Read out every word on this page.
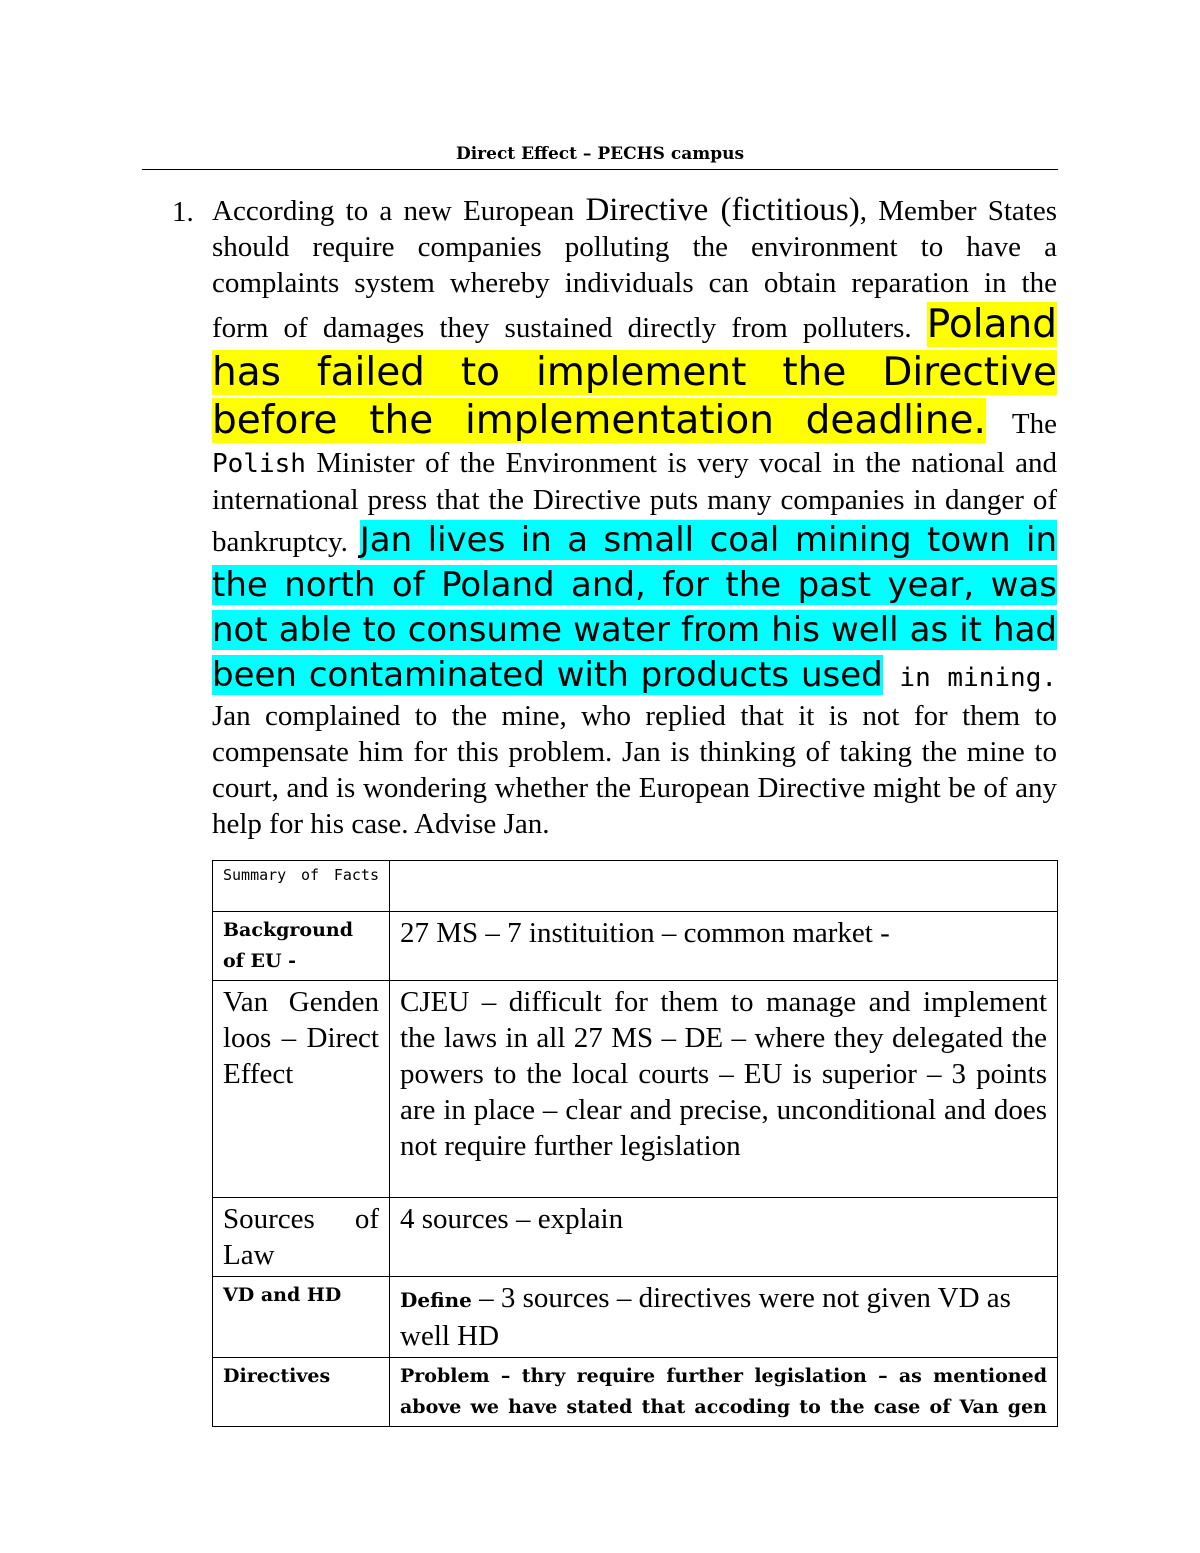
Direct Effect – PECHS campus
1. According to a new European Directive (fictitious), Member States should require companies polluting the environment to have a complaints system whereby individuals can obtain reparation in the form of damages they sustained directly from polluters. Poland has failed to implement the Directive before the implementation deadline. The Polish Minister of the Environment is very vocal in the national and international press that the Directive puts many companies in danger of bankruptcy. Jan lives in a small coal mining town in the north of Poland and, for the past year, was not able to consume water from his well as it had been contaminated with products used in mining. Jan complained to the mine, who replied that it is not for them to compensate him for this problem. Jan is thinking of taking the mine to court, and is wondering whether the European Directive might be of any help for his case. Advise Jan.

Summary of Facts	
Background of EU -	27 MS – 7 instituition – common market -
Van Genden loos – Direct Effect	CJEU – difficult for them to manage and implement the laws in all 27 MS – DE – where they delegated the powers to the local courts – EU is superior – 3 points are in place – clear and precise, unconditional and does not require further legislation
Sources of Law	4 sources – explain
VD and HD	Define – 3 sources – directives were not given VD as well HD
Directives	Problem – thry require further legislation – as mentioned above we have stated that accoding to the case of Van gen
